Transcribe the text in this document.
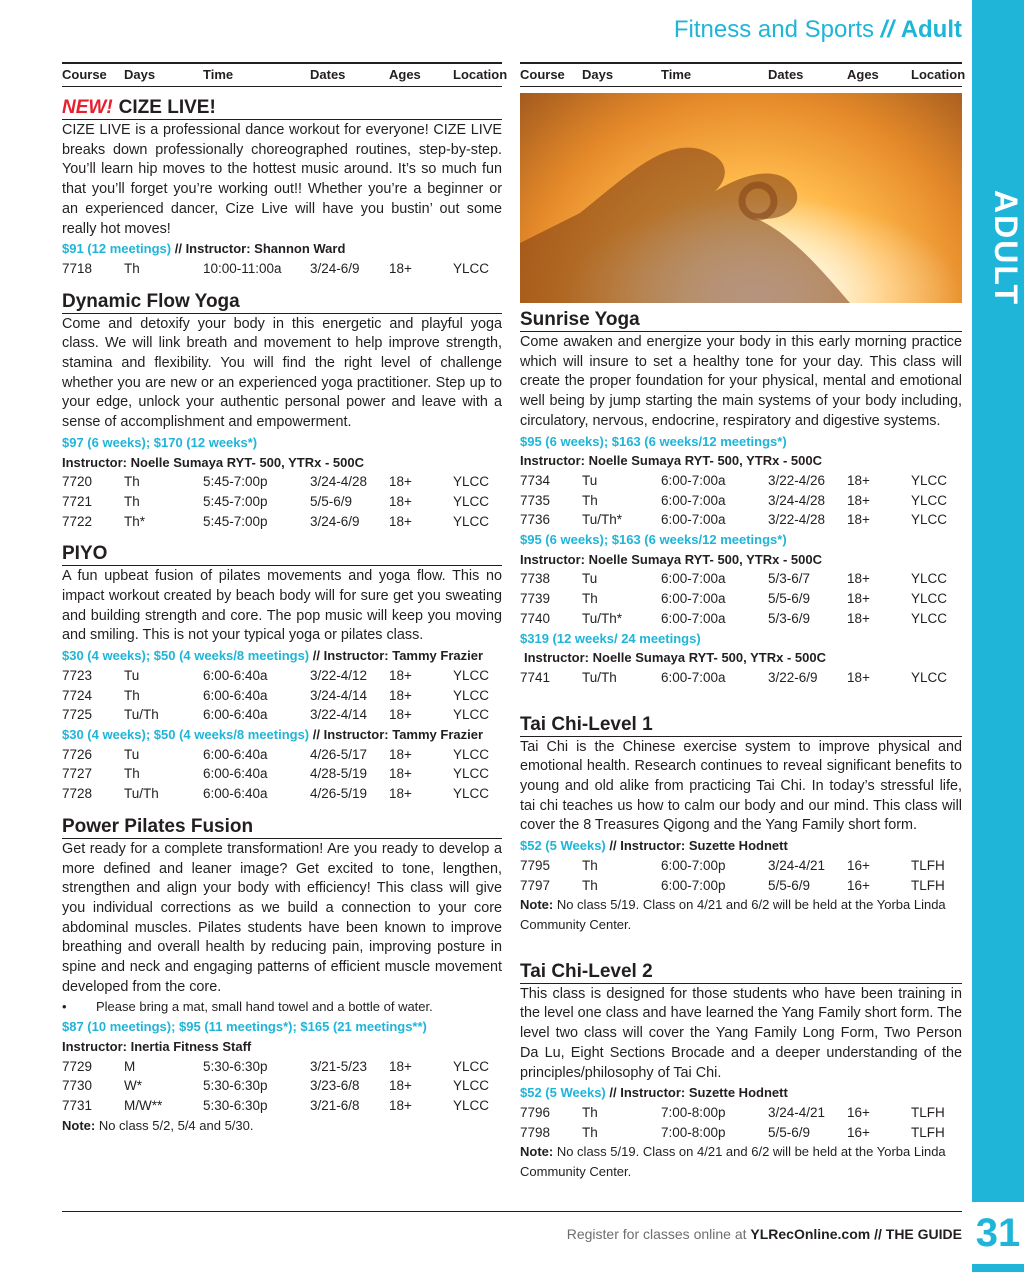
ADULT
31
Fitness and Sports // Adult
Course	Days	Time	Dates	Ages	Location
NEW! CIZE LIVE!
CIZE LIVE is a professional dance workout for everyone! CIZE LIVE breaks down professionally choreographed routines, step-by-step. You’ll learn hip moves to the hottest music around. It’s so much fun that you’ll forget you’re working out!! Whether you’re a beginner or an experienced dancer, Cize Live will have you bustin’ out some really hot moves!
$91 (12 meetings) // Instructor: Shannon Ward
7718	Th	10:00-11:00a	3/24-6/9	18+	YLCC
Dynamic Flow Yoga
Come and detoxify your body in this energetic and playful yoga class. We will link breath and movement to help improve strength, stamina and flexibility. You will find the right level of challenge whether you are new or an experienced yoga practitioner. Step up to your edge, unlock your authentic personal power and leave with a sense of accomplishment and empowerment.
$97 (6 weeks); $170 (12 weeks*)
Instructor: Noelle Sumaya RYT- 500, YTRx - 500C
7720	Th	5:45-7:00p	3/24-4/28	18+	YLCC
7721	Th	5:45-7:00p	5/5-6/9	18+	YLCC
7722	Th*	5:45-7:00p	3/24-6/9	18+	YLCC
PIYO
A fun upbeat fusion of pilates movements and yoga flow. This no impact workout created by beach body will for sure get you sweating and building strength and core. The pop music will keep you moving and smiling. This is not your typical yoga or pilates class.
$30 (4 weeks); $50 (4 weeks/8 meetings) // Instructor: Tammy Frazier
7723	Tu	6:00-6:40a	3/22-4/12	18+	YLCC
7724	Th	6:00-6:40a	3/24-4/14	18+	YLCC
7725	Tu/Th	6:00-6:40a	3/22-4/14	18+	YLCC
$30 (4 weeks); $50 (4 weeks/8 meetings) // Instructor: Tammy Frazier
7726	Tu	6:00-6:40a	4/26-5/17	18+	YLCC
7727	Th	6:00-6:40a	4/28-5/19	18+	YLCC
7728	Tu/Th	6:00-6:40a	4/26-5/19	18+	YLCC
Power Pilates Fusion
Get ready for a complete transformation! Are you ready to develop a more defined and leaner image? Get excited to tone, lengthen, strengthen and align your body with efficiency! This class will give you individual corrections as we build a connection to your core abdominal muscles. Pilates students have been known to improve breathing and overall health by reducing pain, improving posture in spine and neck and engaging patterns of efficient muscle movement developed from the core.
• Please bring a mat, small hand towel and a bottle of water.
$87 (10 meetings); $95 (11 meetings*); $165 (21 meetings**)
Instructor: Inertia Fitness Staff
7729	M	5:30-6:30p	3/21-5/23	18+	YLCC
7730	W*	5:30-6:30p	3/23-6/8	18+	YLCC
7731	M/W**	5:30-6:30p	3/21-6/8	18+	YLCC
Note: No class 5/2, 5/4 and 5/30.
Course	Days	Time	Dates	Ages	Location
Sunrise Yoga
Come awaken and energize your body in this early morning practice which will insure to set a healthy tone for your day. This class will create the proper foundation for your physical, mental and emotional well being by jump starting the main systems of your body including, circulatory, nervous, endocrine, respiratory and digestive systems.
$95 (6 weeks); $163 (6 weeks/12 meetings*)
Instructor: Noelle Sumaya RYT- 500, YTRx - 500C
7734	Tu	6:00-7:00a	3/22-4/26	18+	YLCC
7735	Th	6:00-7:00a	3/24-4/28	18+	YLCC
7736	Tu/Th*	6:00-7:00a	3/22-4/28	18+	YLCC
$95 (6 weeks); $163 (6 weeks/12 meetings*)
Instructor: Noelle Sumaya RYT- 500, YTRx - 500C
7738	Tu	6:00-7:00a	5/3-6/7	18+	YLCC
7739	Th	6:00-7:00a	5/5-6/9	18+	YLCC
7740	Tu/Th*	6:00-7:00a	5/3-6/9	18+	YLCC
$319 (12 weeks/ 24 meetings)
Instructor: Noelle Sumaya RYT- 500, YTRx - 500C
7741	Tu/Th	6:00-7:00a	3/22-6/9	18+	YLCC
Tai Chi-Level 1
Tai Chi is the Chinese exercise system to improve physical and emotional health. Research continues to reveal significant benefits to young and old alike from practicing Tai Chi. In today’s stressful life, tai chi teaches us how to calm our body and our mind. This class will cover the 8 Treasures Qigong and the Yang Family short form.
$52 (5 Weeks) // Instructor: Suzette Hodnett
7795	Th	6:00-7:00p	3/24-4/21	16+	TLFH
7797	Th	6:00-7:00p	5/5-6/9	16+	TLFH
Note: No class 5/19. Class on 4/21 and 6/2 will be held at the Yorba Linda Community Center.
Tai Chi-Level 2
This class is designed for those students who have been training in the level one class and have learned the Yang Family short form. The level two class will cover the Yang Family Long Form, Two Person Da Lu, Eight Sections Brocade and a deeper understanding of the principles/philosophy of Tai Chi.
$52 (5 Weeks) // Instructor: Suzette Hodnett
7796	Th	7:00-8:00p	3/24-4/21	16+	TLFH
7798	Th	7:00-8:00p	5/5-6/9	16+	TLFH
Note: No class 5/19. Class on 4/21 and 6/2 will be held at the Yorba Linda Community Center.
Register for classes online at YLRecOnline.com // THE GUIDE
